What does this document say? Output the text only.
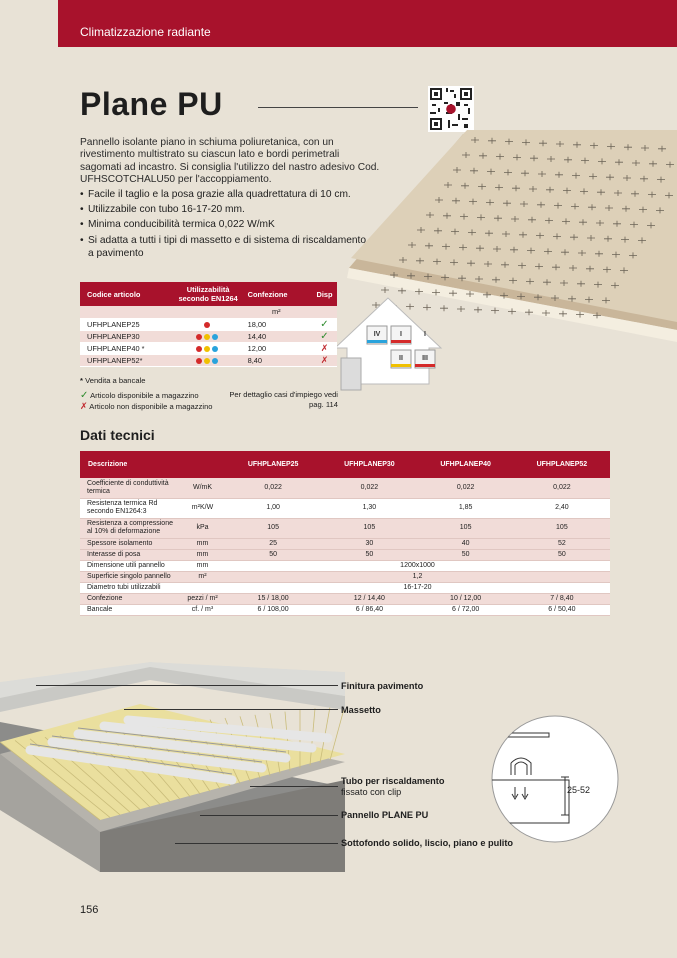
Climatizzazione radiante
Plane PU
Pannello isolante piano in schiuma poliuretanica, con un rivestimento multistrato su ciascun lato e bordi perimetrali sagomati ad incastro. Si consiglia l'utilizzo del nastro adesivo Cod. UFHSCOTCHALU50 per l'accoppiamento.
• Facile il taglio e la posa grazie alla quadrettatura di 10 cm.
• Utilizzabile con tubo 16-17-20 mm.
• Minima conducibilità termica 0,022 W/mK
• Si adatta a tutti i tipi di massetto e di sistema di riscaldamento a pavimento
IV	I	I
II	III
Codice articolo	Utilizzabilità secondo EN1264	Confezione	Disp
		m²	
UFHPLANEP25		18,00	✓
UFHPLANEP30		14,40	✓
UFHPLANEP40 *		12,00	✗
UFHPLANEP52*		8,40	✗
* Vendita a bancale
✓ Articolo disponibile a magazzino
✗ Articolo non disponibile a magazzino
Per dettaglio casi d'impiego vedi pag. 114
Dati tecnici
Descrizione		UFHPLANEP25	UFHPLANEP30	UFHPLANEP40	UFHPLANEP52
Coefficiente di conduttività termica	W/mK	0,022	0,022	0,022	0,022
Resistenza termica Rd secondo EN1264:3	m²K/W	1,00	1,30	1,85	2,40
Resistenza a compressione al 10% di deformazione	kPa	105	105	105	105
Spessore isolamento	mm	25	30	40	52
Interasse di posa	mm	50	50	50	50
Dimensione utili pannello	mm	1200x1000			
Superficie singolo pannello	m²	1,2			
Diametro tubi utilizzabili		16-17-20			
Confezione	pezzi / m²	15 / 18,00	12 / 14,40	10 / 12,00	7 / 8,40
Bancale	cf. / m³	6 / 108,00	6 / 86,40	6 / 72,00	6 / 50,40
Finitura pavimento
Massetto
Tubo per riscaldamento
fissato con clip
Pannello PLANE PU
Sottofondo solido, liscio, piano e pulito
25-52
156
